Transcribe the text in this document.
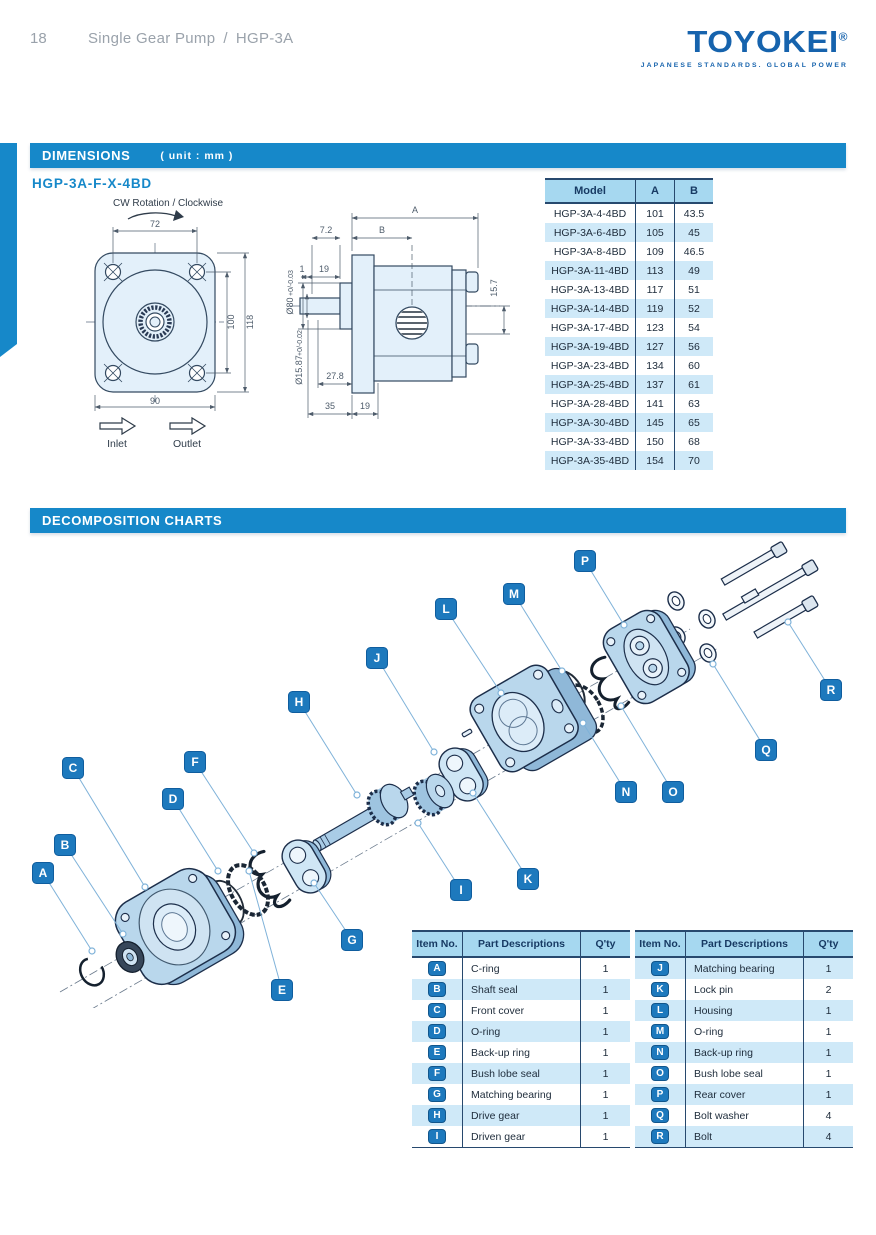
18	Single Gear Pump / HGP-3A	TOYOKEI®
JAPANESE STANDARDS. GLOBAL POWER
DIMENSIONS	( unit : mm )
HGP-3A-F-X-4BD
72
100 118
90
CW Rotation / Clockwise
Inlet	Outlet
A
B
7.2
1 19
15.7
Ø80
+0/-0.03
Ø15.87
+0/-0.02
27.8
35	19
Model	A	B
HGP-3A-4-4BD	101	43.5
HGP-3A-6-4BD	105	45
HGP-3A-8-4BD	109	46.5
HGP-3A-11-4BD	113	49
HGP-3A-13-4BD	117	51
HGP-3A-14-4BD	119	52
HGP-3A-17-4BD	123	54
HGP-3A-19-4BD	127	56
HGP-3A-23-4BD	134	60
HGP-3A-25-4BD	137	61
HGP-3A-28-4BD	141	63
HGP-3A-30-4BD	145	65
HGP-3A-33-4BD	150	68
HGP-3A-35-4BD	154	70
DECOMPOSITION CHARTS
A
B
C
D
E
F
G
H
I
J
K
L
M
N	O
P
Q
R
Item No.	Part Descriptions	Q'ty
A	C-ring	1
B	Shaft seal	1
C	Front cover	1
D	O-ring	1
E	Back-up ring	1
F	Bush lobe seal	1
G	Matching bearing	1
H	Drive gear	1
I	Driven gear	1
Item No.	Part Descriptions	Q'ty
J	Matching bearing	1
K	Lock pin	2
L	Housing	1
M	O-ring	1
N	Back-up ring	1
O	Bush lobe seal	1
P	Rear cover	1
Q	Bolt washer	4
R	Bolt	4
